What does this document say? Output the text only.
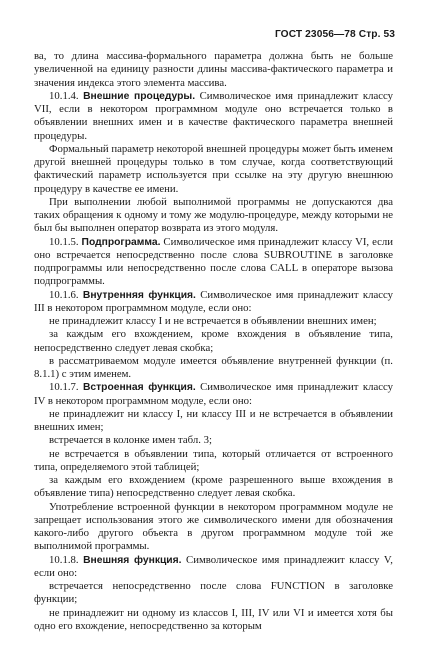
ГОСТ 23056—78 Стр. 53

ва, то длина массива-формального параметра должна быть не больше увеличенной на единицу разности длины массива-фактического параметра и значения индекса этого элемента массива.

10.1.4. Внешние процедуры. Символическое имя принадлежит классу VII, если в некотором программном модуле оно встречается только в объявлении внешних имен и в качестве фактического параметра внешней процедуры.

Формальный параметр некоторой внешней процедуры может быть именем другой внешней процедуры только в том случае, когда соответствующий фактический параметр используется при ссылке на эту другую внешнюю процедуру в качестве ее имени.

При выполнении любой выполнимой программы не допускаются два таких обращения к одному и тому же модулю-процедуре, между которыми не был бы выполнен оператор возврата из этого модуля.

10.1.5. Подпрограмма. Символическое имя принадлежит классу VI, если оно встречается непосредственно после слова SUBROUTINE в заголовке подпрограммы или непосредственно после слова CALL в операторе вызова подпрограммы.

10.1.6. Внутренняя функция. Символическое имя принадлежит классу III в некотором программном модуле, если оно:

не принадлежит классу I и не встречается в объявлении внешних имен;

за каждым его вхождением, кроме вхождения в объявление типа, непосредственно следует левая скобка;

в рассматриваемом модуле имеется объявление внутренней функции (п. 8.1.1) с этим именем.

10.1.7. Встроенная функция. Символическое имя принадлежит классу IV в некотором программном модуле, если оно:

не принадлежит ни классу I, ни классу III и не встречается в объявлении внешних имен;

встречается в колонке имен табл. 3;

не встречается в объявлении типа, который отличается от встроенного типа, определяемого этой таблицей;

за каждым его вхождением (кроме разрешенного выше вхождения в объявление типа) непосредственно следует левая скобка.

Употребление встроенной функции в некотором программном модуле не запрещает использования этого же символического имени для обозначения какого-либо другого объекта в другом программном модуле той же выполнимой программы.

10.1.8. Внешняя функция. Символическое имя принадлежит классу V, если оно:

встречается непосредственно после слова FUNCTION в заголовке функции;

не принадлежит ни одному из классов I, III, IV или VI и имеется хотя бы одно его вхождение, непосредственно за которым
